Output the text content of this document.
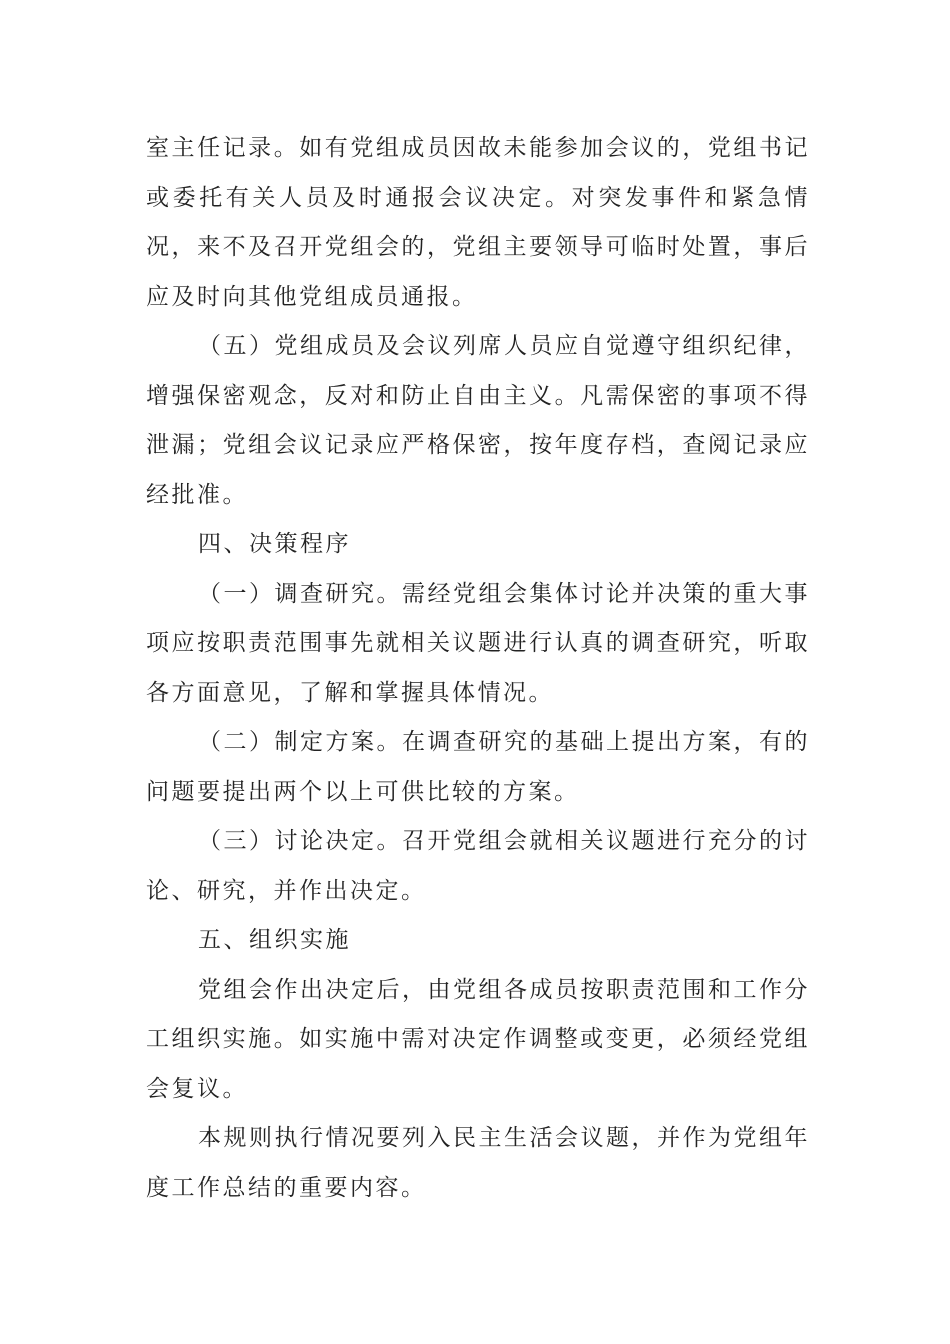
室主任记录。如有党组成员因故未能参加会议的，党组书记或委托有关人员及时通报会议决定。对突发事件和紧急情况，来不及召开党组会的，党组主要领导可临时处置，事后应及时向其他党组成员通报。

（五）党组成员及会议列席人员应自觉遵守组织纪律，增强保密观念，反对和防止自由主义。凡需保密的事项不得泄漏；党组会议记录应严格保密，按年度存档，查阅记录应经批准。

四、决策程序

（一）调查研究。需经党组会集体讨论并决策的重大事项应按职责范围事先就相关议题进行认真的调查研究，听取各方面意见，了解和掌握具体情况。

（二）制定方案。在调查研究的基础上提出方案，有的问题要提出两个以上可供比较的方案。

（三）讨论决定。召开党组会就相关议题进行充分的讨论、研究，并作出决定。

五、组织实施

党组会作出决定后，由党组各成员按职责范围和工作分工组织实施。如实施中需对决定作调整或变更，必须经党组会复议。

本规则执行情况要列入民主生活会议题，并作为党组年度工作总结的重要内容。
